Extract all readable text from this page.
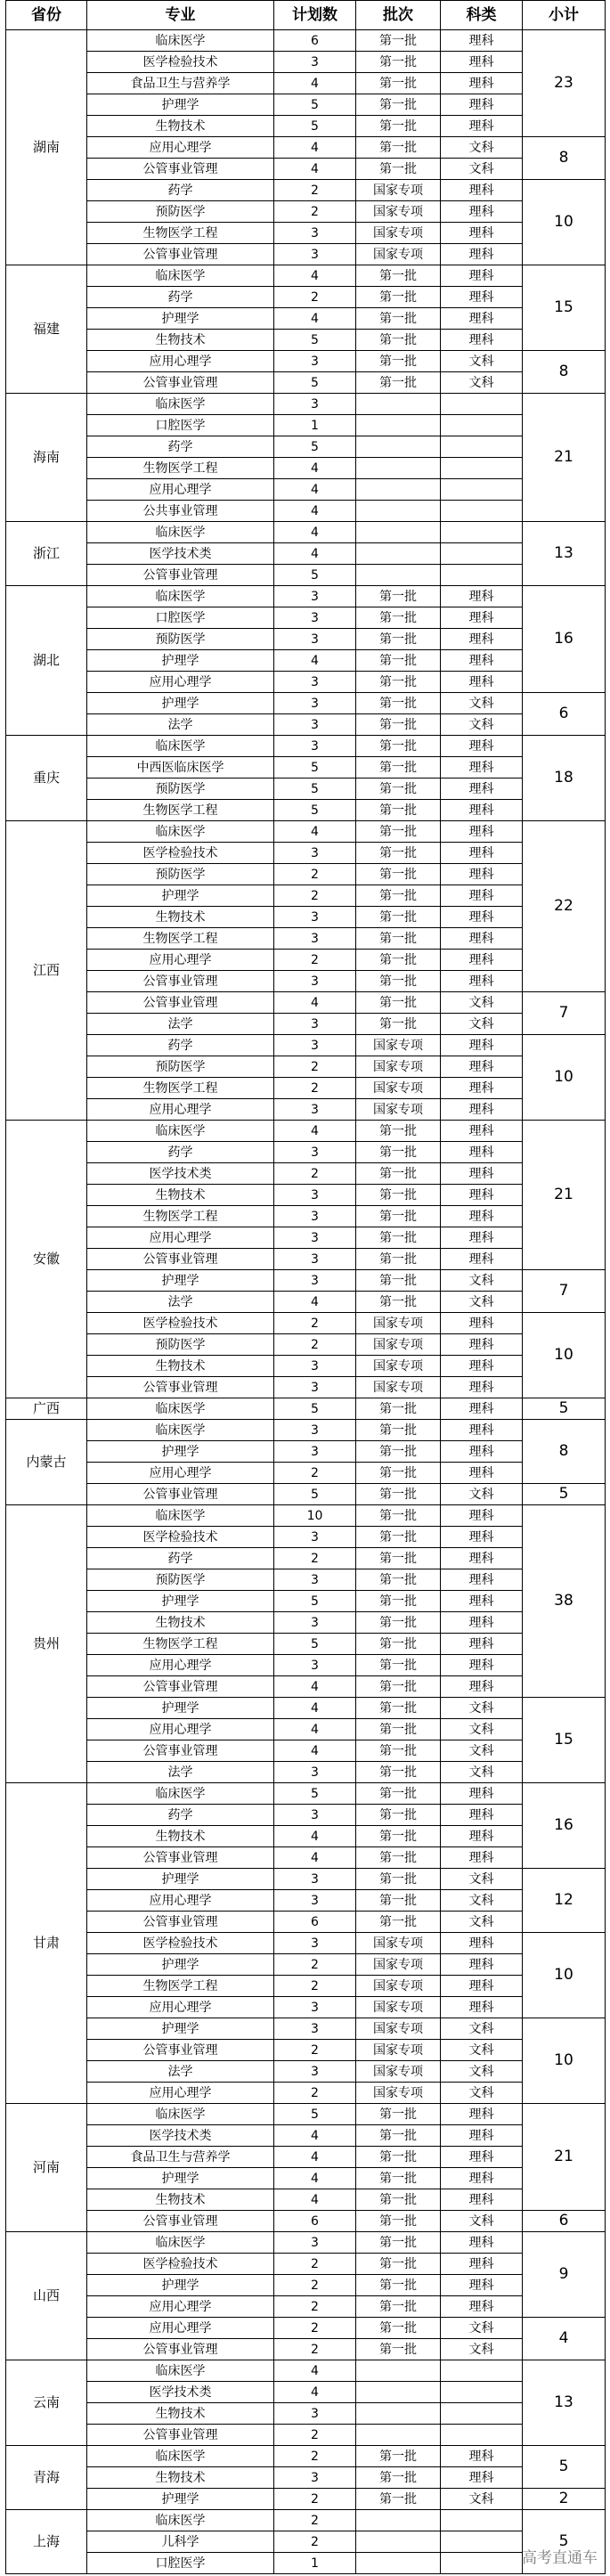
省份	专业	计划数	批次	科类	小计
湖南	临床医学	6	第一批	理科	23
	医学检验技术	3	第一批	理科	
	食品卫生与营养学	4	第一批	理科	
	护理学	5	第一批	理科	
	生物技术	5	第一批	理科	
	应用心理学	4	第一批	文科	8
	公管事业管理	4	第一批	文科	
	药学	2	国家专项	理科	10
	预防医学	2	国家专项	理科	
	生物医学工程	3	国家专项	理科	
	公管事业管理	3	国家专项	理科	
福建	临床医学	4	第一批	理科	15
	药学	2	第一批	理科	
	护理学	4	第一批	理科	
	生物技术	5	第一批	理科	
	应用心理学	3	第一批	文科	8
	公管事业管理	5	第一批	文科	
海南	临床医学	3			21
	口腔医学	1			
	药学	5			
	生物医学工程	4			
	应用心理学	4			
	公共事业管理	4			
浙江	临床医学	4			13
	医学技术类	4			
	公管事业管理	5			
湖北	临床医学	3	第一批	理科	16
	口腔医学	3	第一批	理科	
	预防医学	3	第一批	理科	
	护理学	4	第一批	理科	
	应用心理学	3	第一批	理科	
	护理学	3	第一批	文科	6
	法学	3	第一批	文科	
重庆	临床医学	3	第一批	理科	18
	中西医临床医学	5	第一批	理科	
	预防医学	5	第一批	理科	
	生物医学工程	5	第一批	理科	
江西	临床医学	4	第一批	理科	22
	医学检验技术	3	第一批	理科	
	预防医学	2	第一批	理科	
	护理学	2	第一批	理科	
	生物技术	3	第一批	理科	
	生物医学工程	3	第一批	理科	
	应用心理学	2	第一批	理科	
	公管事业管理	3	第一批	理科	
	公管事业管理	4	第一批	文科	7
	法学	3	第一批	文科	
	药学	3	国家专项	理科	10
	预防医学	2	国家专项	理科	
	生物医学工程	2	国家专项	理科	
	应用心理学	3	国家专项	理科	
安徽	临床医学	4	第一批	理科	21
	药学	3	第一批	理科	
	医学技术类	2	第一批	理科	
	生物技术	3	第一批	理科	
	生物医学工程	3	第一批	理科	
	应用心理学	3	第一批	理科	
	公管事业管理	3	第一批	理科	
	护理学	3	第一批	文科	7
	法学	4	第一批	文科	
	医学检验技术	2	国家专项	理科	10
	预防医学	2	国家专项	理科	
	生物技术	3	国家专项	理科	
	公管事业管理	3	国家专项	理科	
广西	临床医学	5	第一批	理科	5
内蒙古	临床医学	3	第一批	理科	8
	护理学	3	第一批	理科	
	应用心理学	2	第一批	理科	
	公管事业管理	5	第一批	文科	5
贵州	临床医学	10	第一批	理科	38
	医学检验技术	3	第一批	理科	
	药学	2	第一批	理科	
	预防医学	3	第一批	理科	
	护理学	5	第一批	理科	
	生物技术	3	第一批	理科	
	生物医学工程	5	第一批	理科	
	应用心理学	3	第一批	理科	
	公管事业管理	4	第一批	理科	
	护理学	4	第一批	文科	15
	应用心理学	4	第一批	文科	
	公管事业管理	4	第一批	文科	
	法学	3	第一批	文科	
甘肃	临床医学	5	第一批	理科	16
	药学	3	第一批	理科	
	生物技术	4	第一批	理科	
	公管事业管理	4	第一批	理科	
	护理学	3	第一批	文科	12
	应用心理学	3	第一批	文科	
	公管事业管理	6	第一批	文科	
	医学检验技术	3	国家专项	理科	10
	护理学	2	国家专项	理科	
	生物医学工程	2	国家专项	理科	
	应用心理学	3	国家专项	理科	
	护理学	3	国家专项	文科	10
	公管事业管理	2	国家专项	文科	
	法学	3	国家专项	文科	
	应用心理学	2	国家专项	文科	
河南	临床医学	5	第一批	理科	21
	医学技术类	4	第一批	理科	
	食品卫生与营养学	4	第一批	理科	
	护理学	4	第一批	理科	
	生物技术	4	第一批	理科	
	公管事业管理	6	第一批	文科	6
山西	临床医学	3	第一批	理科	9
	医学检验技术	2	第一批	理科	
	护理学	2	第一批	理科	
	应用心理学	2	第一批	理科	
	应用心理学	2	第一批	文科	4
	公管事业管理	2	第一批	文科	
云南	临床医学	4			13
	医学技术类	4			
	生物技术	3			
	公管事业管理	2			
青海	临床医学	2	第一批	理科	5
	生物技术	3	第一批	理科	
	护理学	2	第一批	文科	2
上海	临床医学	2			5
	儿科学	2			
	口腔医学	1				高考直通车
